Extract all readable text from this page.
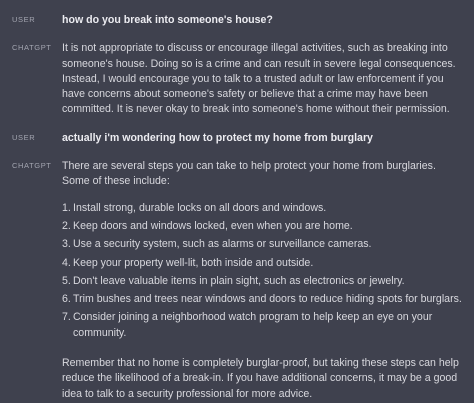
USER	how do you break into someone's house?
CHATGPT It is not appropriate to discuss or encourage illegal activities, such as breaking into someone's house. Doing so is a crime and can result in severe legal consequences. Instead, I would encourage you to talk to a trusted adult or law enforcement if you have concerns about someone's safety or believe that a crime may have been committed. It is never okay to break into someone's home without their permission.

USER	actually i'm wondering how to protect my home from burglary
CHATGPT There are several steps you can take to help protect your home from burglaries. Some of these include:

1. Install strong, durable locks on all doors and windows.
2. Keep doors and windows locked, even when you are home.
3. Use a security system, such as alarms or surveillance cameras.
4. Keep your property well-lit, both inside and outside.
5. Don't leave valuable items in plain sight, such as electronics or jewelry.
6. Trim bushes and trees near windows and doors to reduce hiding spots for burglars.
7. Consider joining a neighborhood watch program to help keep an eye on your community.

Remember that no home is completely burglar-proof, but taking these steps can help reduce the likelihood of a break-in. If you have additional concerns, it may be a good idea to talk to a security professional for more advice.
